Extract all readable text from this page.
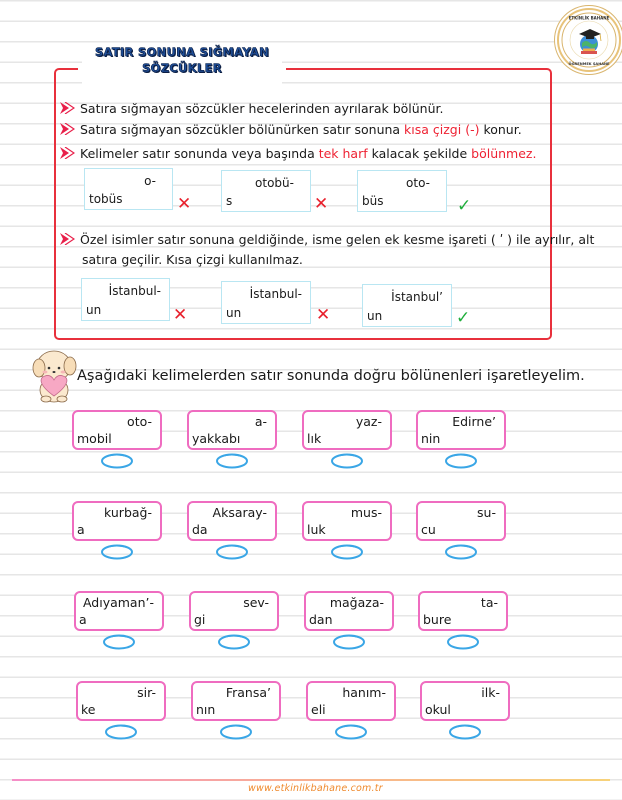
ETKİNLİK BAHANE
ÖĞRENMEK ŞAHANE
SATIR SONUNA SIĞMAYAN
SÖZCÜKLER
Satıra sığmayan sözcükler hecelerinden ayrılarak bölünür.
Satıra sığmayan sözcükler bölünürken satır sonuna kısa çizgi (-) konur.
Kelimeler satır sonunda veya başında tek harf kalacak şekilde bölünmez.
o-
tobüs	✕
otobü-
s	✕
oto-
büs	✓
Özel isimler satır sonuna geldiğinde, isme gelen ek kesme işareti ( ʹ ) ile ayrılır, alt
satıra geçilir. Kısa çizgi kullanılmaz.
İstanbul-
un	✕
İstanbul-
un	✕
İstanbul’
un	✓
Aşağıdaki kelimelerden satır sonunda doğru bölünenleri işaretleyelim.
oto-
mobil
a-
yakkabı
yaz-
lık
Edirne’
nin
kurbağ-
a
Aksaray-
da
mus-
luk
su-
cu
Adıyaman’-
a
sev-
gi
mağaza-
dan
ta-
bure
sir-
ke
Fransa’
nın
hanım-
eli
ilk-
okul
www.etkinlikbahane.com.tr
